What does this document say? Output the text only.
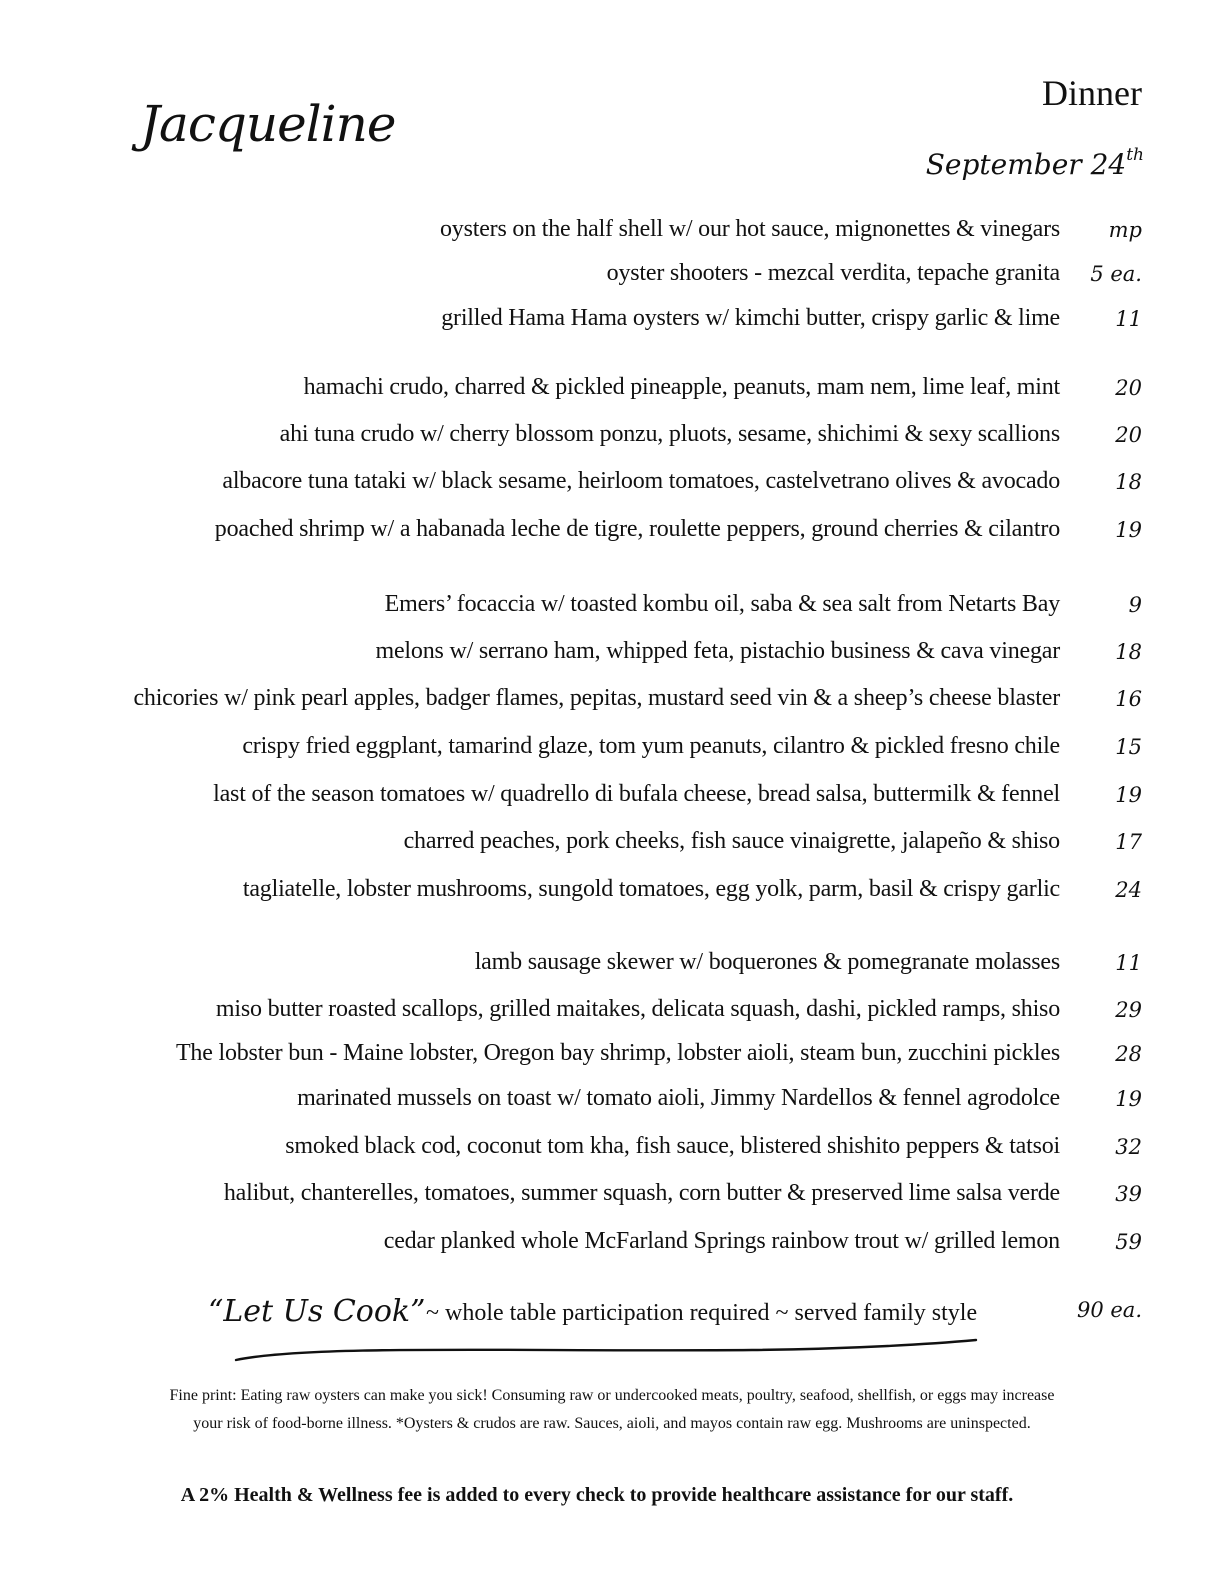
Jacqueline
Dinner
September 24th
oysters on the half shell w/ our hot sauce, mignonettes & vinegars mp
oyster shooters - mezcal verdita, tepache granita 5 ea.
grilled Hama Hama oysters w/ kimchi butter, crispy garlic & lime	11
hamachi crudo, charred & pickled pineapple, peanuts, mam nem, lime leaf, mint	20
ahi tuna crudo w/ cherry blossom ponzu, pluots, sesame, shichimi & sexy scallions	20
albacore tuna tataki w/ black sesame, heirloom tomatoes, castelvetrano olives & avocado	18
poached shrimp w/ a habanada leche de tigre, roulette peppers, ground cherries & cilantro	19
Emers’ focaccia w/ toasted kombu oil, saba & sea salt from Netarts Bay	9
melons w/ serrano ham, whipped feta, pistachio business & cava vinegar	18
chicories w/ pink pearl apples, badger flames, pepitas, mustard seed vin & a sheep’s cheese blaster	16
crispy fried eggplant, tamarind glaze, tom yum peanuts, cilantro & pickled fresno chile	15
last of the season tomatoes w/ quadrello di bufala cheese, bread salsa, buttermilk & fennel	19
charred peaches, pork cheeks, fish sauce vinaigrette, jalapeño & shiso	17
tagliatelle, lobster mushrooms, sungold tomatoes, egg yolk, parm, basil & crispy garlic	24
lamb sausage skewer w/ boquerones & pomegranate molasses	11
miso butter roasted scallops, grilled maitakes, delicata squash, dashi, pickled ramps, shiso	29
The lobster bun - Maine lobster, Oregon bay shrimp, lobster aioli, steam bun, zucchini pickles	28
marinated mussels on toast w/ tomato aioli, Jimmy Nardellos & fennel agrodolce	19
smoked black cod, coconut tom kha, fish sauce, blistered shishito peppers & tatsoi	32
halibut, chanterelles, tomatoes, summer squash, corn butter & preserved lime salsa verde	39
cedar planked whole McFarland Springs rainbow trout w/ grilled lemon	59
“Let Us Cook” ~ whole table participation required ~ served family style	90 ea.
Fine print: Eating raw oysters can make you sick! Consuming raw or undercooked meats, poultry, seafood, shellfish, or eggs may increase
your risk of food-borne illness. *Oysters & crudos are raw. Sauces, aioli, and mayos contain raw egg. Mushrooms are uninspected.
A 2% Health & Wellness fee is added to every check to provide healthcare assistance for our staff.
